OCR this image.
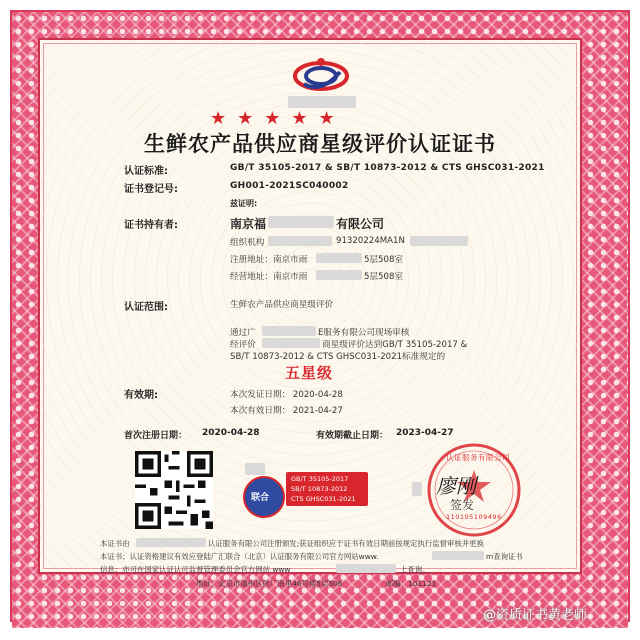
★★★★★
生鲜农产品供应商星级评价认证证书
认证标准:	GB/T 35105-2017 & SB/T 10873-2012 & CTS GHSC031-2021
证书登记号:	GH001-2021SC040002
兹证明:
证书持有者:	南京福	有限公司
组织机构	91320224MA1N
注册地址：南京市雨	5层508室
经营地址：南京市雨	5层508室
认证范围:	生鲜农产品供应商星级评价
通过广	E服务有限公司现场审核
经评价	商星级评价达到GB/T 35105-2017 &
SB/T 10873-2012 & CTS GHSC031-2021标准规定的
五星级
有效期:	本次发证日期： 2020-04-28
本次有效日期： 2021-04-27
首次注册日期： 2020-04-28	有效期截止日期： 2023-04-27
联合
GB/T 35105-2017
SB/T 10873-2012
CTS GHSC031-2021
认证服务有限公司
110105109496
廖刚
签发
本证书由	认证服务有限公司注册颁发;获证组织应于证书有效日期前按规定执行监督审核并更换
本证书；认证资格建议有效应登陆广汇联合（北京）认证服务有限公司官方网站www.	m查询证书
信息；亦可在国家认证认可监督管理委员会官方网站 www	上查询。
地址：北京市通州区砖厂南里46号楼5层506	邮编：101121
@资质证书黄老师
